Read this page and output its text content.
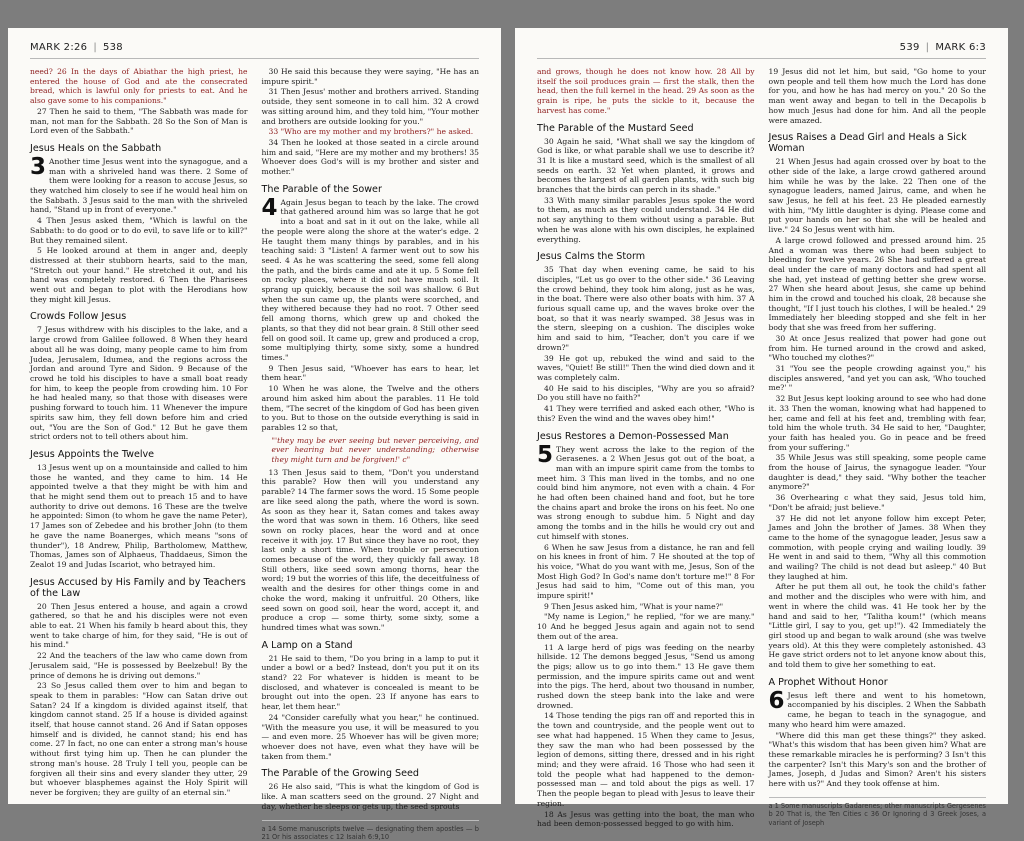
MARK 2:26 | 538

need? 26 In the days of Abiathar the high priest, he entered the house of God and ate the consecrated bread, which is lawful only for priests to eat. And he also gave some to his companions."

27 Then he said to them, "The Sabbath was made for man, not man for the Sabbath. 28 So the Son of Man is Lord even of the Sabbath."

Jesus Heals on the Sabbath

3 Another time Jesus went into the synagogue, and a man with a shriveled hand was there. 2 Some of them were looking for a reason to accuse Jesus, so they watched him closely to see if he would heal him on the Sabbath. 3 Jesus said to the man with the shriveled hand, "Stand up in front of everyone."

4 Then Jesus asked them, "Which is lawful on the Sabbath: to do good or to do evil, to save life or to kill?" But they remained silent.

5 He looked around at them in anger and, deeply distressed at their stubborn hearts, said to the man, "Stretch out your hand." He stretched it out, and his hand was completely restored. 6 Then the Pharisees went out and began to plot with the Herodians how they might kill Jesus.

Crowds Follow Jesus

7 Jesus withdrew with his disciples to the lake, and a large crowd from Galilee followed. 8 When they heard about all he was doing, many people came to him from Judea, Jerusalem, Idumea, and the regions across the Jordan and around Tyre and Sidon. 9 Because of the crowd he told his disciples to have a small boat ready for him, to keep the people from crowding him. 10 For he had healed many, so that those with diseases were pushing forward to touch him. 11 Whenever the impure spirits saw him, they fell down before him and cried out, "You are the Son of God." 12 But he gave them strict orders not to tell others about him.

Jesus Appoints the Twelve

13 Jesus went up on a mountainside and called to him those he wanted, and they came to him. 14 He appointed twelve a that they might be with him and that he might send them out to preach 15 and to have authority to drive out demons. 16 These are the twelve he appointed: Simon (to whom he gave the name Peter), 17 James son of Zebedee and his brother John (to them he gave the name Boanerges, which means "sons of thunder"), 18 Andrew, Philip, Bartholomew, Matthew, Thomas, James son of Alphaeus, Thaddaeus, Simon the Zealot 19 and Judas Iscariot, who betrayed him.

Jesus Accused by His Family and by Teachers of the Law

20 Then Jesus entered a house, and again a crowd gathered, so that he and his disciples were not even able to eat. 21 When his family b heard about this, they went to take charge of him, for they said, "He is out of his mind."

22 And the teachers of the law who came down from Jerusalem said, "He is possessed by Beelzebul! By the prince of demons he is driving out demons."

23 So Jesus called them over to him and began to speak to them in parables: "How can Satan drive out Satan? 24 If a kingdom is divided against itself, that kingdom cannot stand. 25 If a house is divided against itself, that house cannot stand. 26 And if Satan opposes himself and is divided, he cannot stand; his end has come. 27 In fact, no one can enter a strong man's house without first tying him up. Then he can plunder the strong man's house. 28 Truly I tell you, people can be forgiven all their sins and every slander they utter, 29 but whoever blasphemes against the Holy Spirit will never be forgiven; they are guilty of an eternal sin."

30 He said this because they were saying, "He has an impure spirit."

31 Then Jesus' mother and brothers arrived. Standing outside, they sent someone in to call him. 32 A crowd was sitting around him, and they told him, "Your mother and brothers are outside looking for you."

33 "Who are my mother and my brothers?" he asked.

34 Then he looked at those seated in a circle around him and said, "Here are my mother and my brothers! 35 Whoever does God's will is my brother and sister and mother."

The Parable of the Sower

4 Again Jesus began to teach by the lake. The crowd that gathered around him was so large that he got into a boat and sat in it out on the lake, while all the people were along the shore at the water's edge. 2 He taught them many things by parables, and in his teaching said: 3 "Listen! A farmer went out to sow his seed. 4 As he was scattering the seed, some fell along the path, and the birds came and ate it up. 5 Some fell on rocky places, where it did not have much soil. It sprang up quickly, because the soil was shallow. 6 But when the sun came up, the plants were scorched, and they withered because they had no root. 7 Other seed fell among thorns, which grew up and choked the plants, so that they did not bear grain. 8 Still other seed fell on good soil. It came up, grew and produced a crop, some multiplying thirty, some sixty, some a hundred times."

9 Then Jesus said, "Whoever has ears to hear, let them hear."

10 When he was alone, the Twelve and the others around him asked him about the parables. 11 He told them, "The secret of the kingdom of God has been given to you. But to those on the outside everything is said in parables 12 so that,

"'they may be ever seeing but never perceiving, and ever hearing but never understanding; otherwise they might turn and be forgiven!' c"

13 Then Jesus said to them, "Don't you understand this parable? How then will you understand any parable? 14 The farmer sows the word. 15 Some people are like seed along the path, where the word is sown. As soon as they hear it, Satan comes and takes away the word that was sown in them. 16 Others, like seed sown on rocky places, hear the word and at once receive it with joy. 17 But since they have no root, they last only a short time. When trouble or persecution comes because of the word, they quickly fall away. 18 Still others, like seed sown among thorns, hear the word; 19 but the worries of this life, the deceitfulness of wealth and the desires for other things come in and choke the word, making it unfruitful. 20 Others, like seed sown on good soil, hear the word, accept it, and produce a crop — some thirty, some sixty, some a hundred times what was sown."

A Lamp on a Stand

21 He said to them, "Do you bring in a lamp to put it under a bowl or a bed? Instead, don't you put it on its stand? 22 For whatever is hidden is meant to be disclosed, and whatever is concealed is meant to be brought out into the open. 23 If anyone has ears to hear, let them hear."

24 "Consider carefully what you hear," he continued. "With the measure you use, it will be measured to you — and even more. 25 Whoever has will be given more; whoever does not have, even what they have will be taken from them."

The Parable of the Growing Seed

26 He also said, "This is what the kingdom of God is like. A man scatters seed on the ground. 27 Night and day, whether he sleeps or gets up, the seed sprouts

a 14 Some manuscripts twelve — designating them apostles — b 21 Or his associates c 12 Isaiah 6:9,10
539 | MARK 6:3

and grows, though he does not know how. 28 All by itself the soil produces grain — first the stalk, then the head, then the full kernel in the head. 29 As soon as the grain is ripe, he puts the sickle to it, because the harvest has come."

The Parable of the Mustard Seed

30 Again he said, "What shall we say the kingdom of God is like, or what parable shall we use to describe it? 31 It is like a mustard seed, which is the smallest of all seeds on earth. 32 Yet when planted, it grows and becomes the largest of all garden plants, with such big branches that the birds can perch in its shade."

33 With many similar parables Jesus spoke the word to them, as much as they could understand. 34 He did not say anything to them without using a parable. But when he was alone with his own disciples, he explained everything.

Jesus Calms the Storm

35 That day when evening came, he said to his disciples, "Let us go over to the other side." 36 Leaving the crowd behind, they took him along, just as he was, in the boat. There were also other boats with him. 37 A furious squall came up, and the waves broke over the boat, so that it was nearly swamped. 38 Jesus was in the stern, sleeping on a cushion. The disciples woke him and said to him, "Teacher, don't you care if we drown?"

39 He got up, rebuked the wind and said to the waves, "Quiet! Be still!" Then the wind died down and it was completely calm.

40 He said to his disciples, "Why are you so afraid? Do you still have no faith?"

41 They were terrified and asked each other, "Who is this? Even the wind and the waves obey him!"

Jesus Restores a Demon-Possessed Man

5 They went across the lake to the region of the Gerasenes. a 2 When Jesus got out of the boat, a man with an impure spirit came from the tombs to meet him. 3 This man lived in the tombs, and no one could bind him anymore, not even with a chain. 4 For he had often been chained hand and foot, but he tore the chains apart and broke the irons on his feet. No one was strong enough to subdue him. 5 Night and day among the tombs and in the hills he would cry out and cut himself with stones.

6 When he saw Jesus from a distance, he ran and fell on his knees in front of him. 7 He shouted at the top of his voice, "What do you want with me, Jesus, Son of the Most High God? In God's name don't torture me!" 8 For Jesus had said to him, "Come out of this man, you impure spirit!"

9 Then Jesus asked him, "What is your name?"

"My name is Legion," he replied, "for we are many." 10 And he begged Jesus again and again not to send them out of the area.

11 A large herd of pigs was feeding on the nearby hillside. 12 The demons begged Jesus, "Send us among the pigs; allow us to go into them." 13 He gave them permission, and the impure spirits came out and went into the pigs. The herd, about two thousand in number, rushed down the steep bank into the lake and were drowned.

14 Those tending the pigs ran off and reported this in the town and countryside, and the people went out to see what had happened. 15 When they came to Jesus, they saw the man who had been possessed by the legion of demons, sitting there, dressed and in his right mind; and they were afraid. 16 Those who had seen it told the people what had happened to the demon-possessed man — and told about the pigs as well. 17 Then the people began to plead with Jesus to leave their region.

18 As Jesus was getting into the boat, the man who had been demon-possessed begged to go with him.

19 Jesus did not let him, but said, "Go home to your own people and tell them how much the Lord has done for you, and how he has had mercy on you." 20 So the man went away and began to tell in the Decapolis b how much Jesus had done for him. And all the people were amazed.

Jesus Raises a Dead Girl and Heals a Sick Woman

21 When Jesus had again crossed over by boat to the other side of the lake, a large crowd gathered around him while he was by the lake. 22 Then one of the synagogue leaders, named Jairus, came, and when he saw Jesus, he fell at his feet. 23 He pleaded earnestly with him, "My little daughter is dying. Please come and put your hands on her so that she will be healed and live." 24 So Jesus went with him.

A large crowd followed and pressed around him. 25 And a woman was there who had been subject to bleeding for twelve years. 26 She had suffered a great deal under the care of many doctors and had spent all she had, yet instead of getting better she grew worse. 27 When she heard about Jesus, she came up behind him in the crowd and touched his cloak, 28 because she thought, "If I just touch his clothes, I will be healed." 29 Immediately her bleeding stopped and she felt in her body that she was freed from her suffering.

30 At once Jesus realized that power had gone out from him. He turned around in the crowd and asked, "Who touched my clothes?"

31 "You see the people crowding against you," his disciples answered, "and yet you can ask, 'Who touched me?' "

32 But Jesus kept looking around to see who had done it. 33 Then the woman, knowing what had happened to her, came and fell at his feet and, trembling with fear, told him the whole truth. 34 He said to her, "Daughter, your faith has healed you. Go in peace and be freed from your suffering."

35 While Jesus was still speaking, some people came from the house of Jairus, the synagogue leader. "Your daughter is dead," they said. "Why bother the teacher anymore?"

36 Overhearing c what they said, Jesus told him, "Don't be afraid; just believe."

37 He did not let anyone follow him except Peter, James and John the brother of James. 38 When they came to the home of the synagogue leader, Jesus saw a commotion, with people crying and wailing loudly. 39 He went in and said to them, "Why all this commotion and wailing? The child is not dead but asleep." 40 But they laughed at him.

After he put them all out, he took the child's father and mother and the disciples who were with him, and went in where the child was. 41 He took her by the hand and said to her, "Talitha koum!" (which means "Little girl, I say to you, get up!"). 42 Immediately the girl stood up and began to walk around (she was twelve years old). At this they were completely astonished. 43 He gave strict orders not to let anyone know about this, and told them to give her something to eat.

A Prophet Without Honor

6 Jesus left there and went to his hometown, accompanied by his disciples. 2 When the Sabbath came, he began to teach in the synagogue, and many who heard him were amazed.

"Where did this man get these things?" they asked. "What's this wisdom that has been given him? What are these remarkable miracles he is performing? 3 Isn't this the carpenter? Isn't this Mary's son and the brother of James, Joseph, d Judas and Simon? Aren't his sisters here with us?" And they took offense at him.

a 1 Some manuscripts Gadarenes; other manuscripts Gergesenes b 20 That is, the Ten Cities c 36 Or Ignoring d 3 Greek Joses, a variant of Joseph
